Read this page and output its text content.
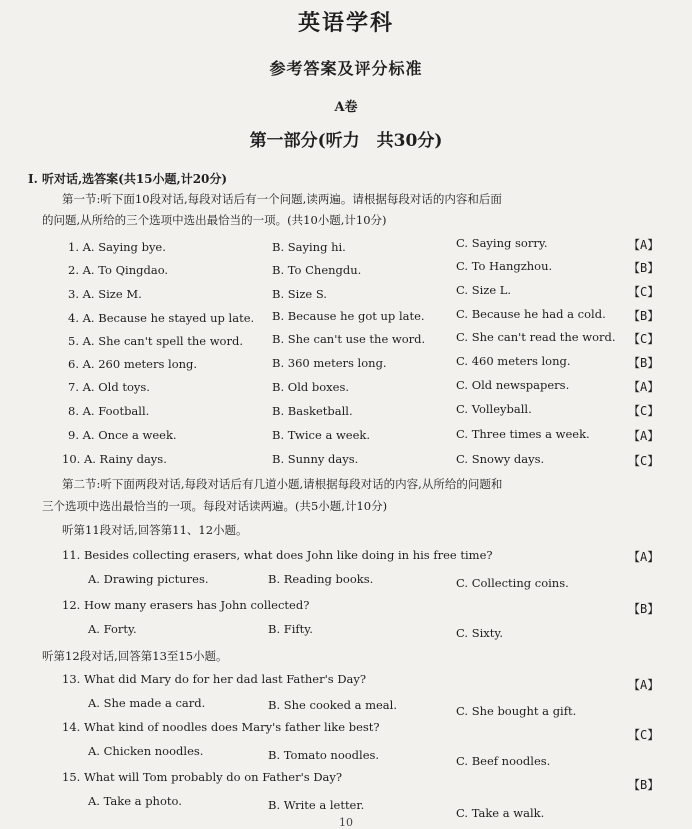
英语学科
参考答案及评分标准
A卷
第一部分(听力　共30分)
Ⅰ. 听对话,选答案(共15小题,计20分)
第一节:听下面10段对话,每段对话后有一个问题,读两遍。请根据每段对话的内容和后面
的问题,从所给的三个选项中选出最恰当的一项。(共10小题,计10分)
1. A. Saying bye.	B. Saying hi.	C. Saying sorry.	【A】
2. A. To Qingdao.	B. To Chengdu.	C. To Hangzhou.	【B】
3. A. Size M.	B. Size S.	C. Size L.	【C】
4. A. Because he stayed up late. B. Because he got up late.	C. Because he had a cold. 【B】
5. A. She can't spell the word.	B. She can't use the word.	C. She can't read the word. 【C】
6. A. 260 meters long.	B. 360 meters long.	C. 460 meters long.	【B】
7. A. Old toys.	B. Old boxes.	C. Old newspapers.	【A】
8. A. Football.	B. Basketball.	C. Volleyball.	【C】
9. A. Once a week.	B. Twice a week.	C. Three times a week.	【A】
10. A. Rainy days.	B. Sunny days.	C. Snowy days.	【C】
第二节:听下面两段对话,每段对话后有几道小题,请根据每段对话的内容,从所给的问题和
三个选项中选出最恰当的一项。每段对话读两遍。(共5小题,计10分)
听第11段对话,回答第11、12小题。
11. Besides collecting erasers, what does John like doing in his free time?	【A】
A. Drawing pictures.	B. Reading books.	C. Collecting coins.
12. How many erasers has John collected?	【B】
A. Forty.	B. Fifty.	C. Sixty.
听第12段对话,回答第13至15小题。
13. What did Mary do for her dad last Father's Day?	【A】
A. She made a card.	B. She cooked a meal.	C. She bought a gift.
14. What kind of noodles does Mary's father like best?
【C】
A. Chicken noodles.	B. Tomato noodles.	C. Beef noodles.
15. What will Tom probably do on Father's Day?
【B】
A. Take a photo.	B. Write a letter.
C. Take a walk.
10
